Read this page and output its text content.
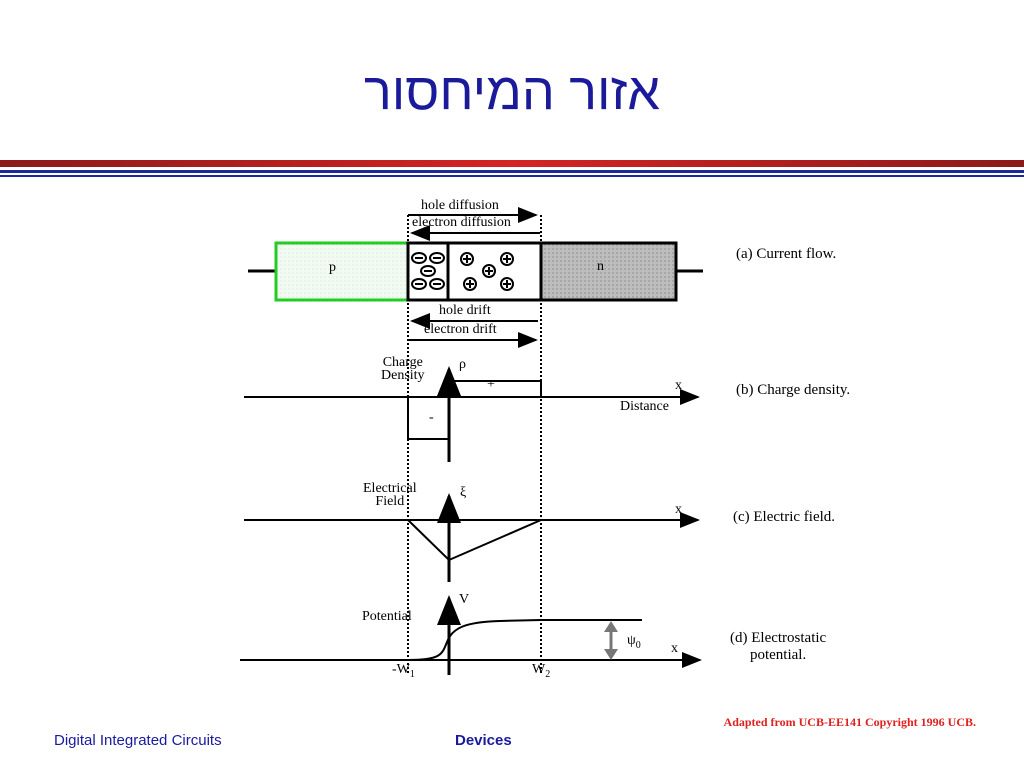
אזור המיחסור
hole diffusion
electron diffusion
p	n
hole drift
electron drift
Charge
Density
ρ
+
-
x
Distance
Electrical
Field
ξ
x
V
Potential
$\psi_0$ x
$-W_1$	$W_2$
(a) Current flow.
(b) Charge density.
(c) Electric field.
(d) Electrostatic
potential.
Adapted from UCB-EE141 Copyright 1996 UCB.
Digital Integrated Circuits	Devices
